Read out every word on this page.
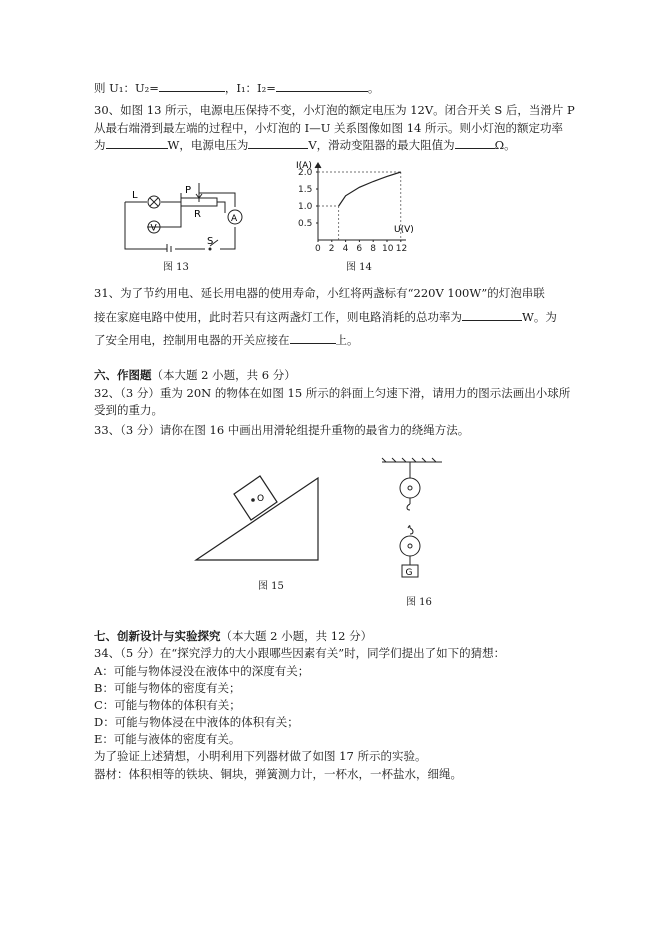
则 U₁：U₂=	，I₁：I₂=	。
30、如图 13 所示，电源电压保持不变，小灯泡的额定电压为 12V。闭合开关 S 后，当滑片 P
从最右端滑到最左端的过程中，小灯泡的 I—U 关系图像如图 14 所示。则小灯泡的额定功率
为	W，电源电压为	V，滑动变阻器的最大阻值为	Ω。
L	P
R
S
A
V
图 13
2.0
1.5
1.0
0.5
0 2 4 6 8 10 12
I(A)
U(V)
图 14
31、为了节约用电、延长用电器的使用寿命，小红将两盏标有“220V 100W”的灯泡串联
接在家庭电路中使用，此时若只有这两盏灯工作，则电路消耗的总功率为	W。为
了安全用电，控制用电器的开关应接在	上。
六、作图题（本大题 2 小题，共 6 分）
32、（3 分）重为 20N 的物体在如图 15 所示的斜面上匀速下滑，请用力的图示法画出小球所
受到的重力。
33、（3 分）请你在图 16 中画出用滑轮组提升重物的最省力的绕绳方法。
O
图 15
G
图 16
七、创新设计与实验探究（本大题 2 小题，共 12 分）
34、（5 分）在“探究浮力的大小跟哪些因素有关”时，同学们提出了如下的猜想：
A：可能与物体浸没在液体中的深度有关；
B：可能与物体的密度有关；
C：可能与物体的体积有关；
D：可能与物体浸在中液体的体积有关；
E：可能与液体的密度有关。
为了验证上述猜想，小明利用下列器材做了如图 17 所示的实验。
器材：体积相等的铁块、铜块，弹簧测力计，一杯水，一杯盐水，细绳。
